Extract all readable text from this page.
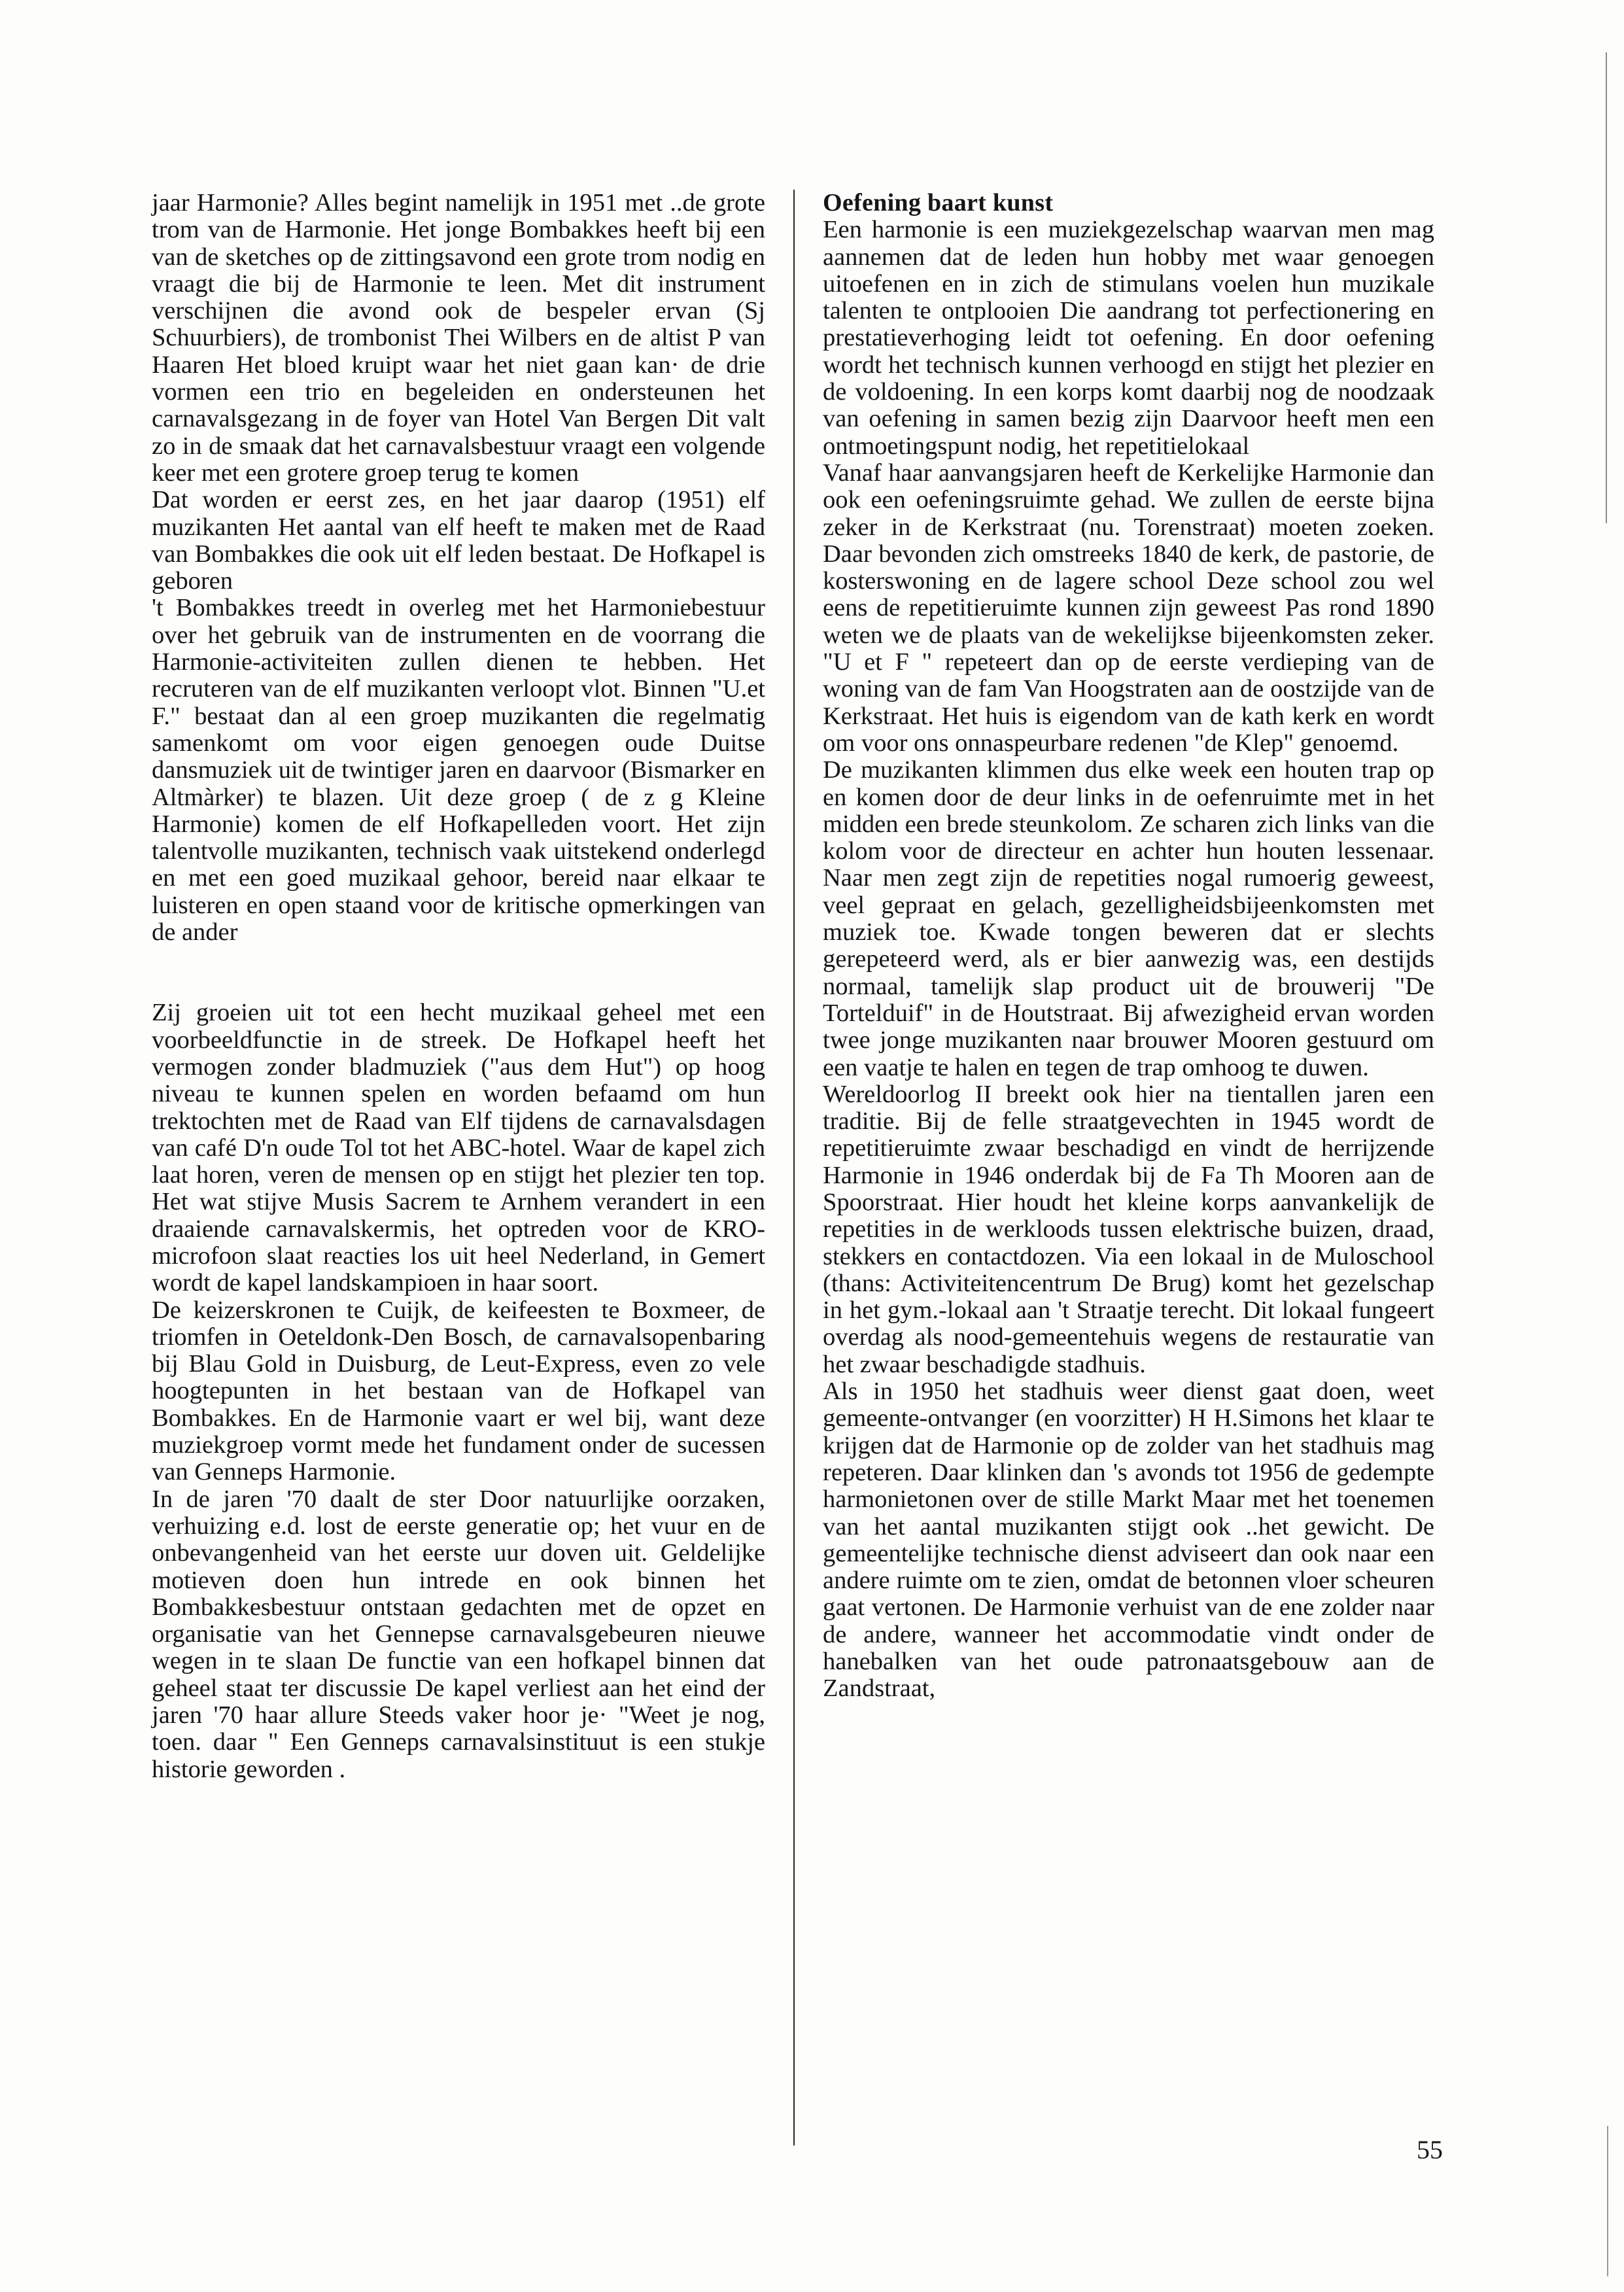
jaar Harmonie? Alles begint namelijk in 1951 met ..de grote trom van de Harmonie. Het jonge Bombakkes heeft bij een van de sketches op de zittingsavond een grote trom nodig en vraagt die bij de Harmonie te leen. Met dit instrument verschijnen die avond ook de bespeler ervan (Sj Schuurbiers), de trombonist Thei Wilbers en de altist P van Haaren Het bloed kruipt waar het niet gaan kan· de drie vormen een trio en begeleiden en ondersteunen het carnavalsgezang in de foyer van Hotel Van Bergen Dit valt zo in de smaak dat het carnavalsbestuur vraagt een volgende keer met een grotere groep terug te komen

Dat worden er eerst zes, en het jaar daarop (1951) elf muzikanten Het aantal van elf heeft te maken met de Raad van Bombakkes die ook uit elf leden bestaat. De Hofkapel is geboren

't Bombakkes treedt in overleg met het Harmoniebestuur over het gebruik van de instrumenten en de voorrang die Harmonie-activiteiten zullen dienen te hebben. Het recruteren van de elf muzikanten verloopt vlot. Binnen "U.et F." bestaat dan al een groep muzikanten die regelmatig samenkomt om voor eigen genoegen oude Duitse dansmuziek uit de twintiger jaren en daarvoor (Bismarker en Altmàrker) te blazen. Uit deze groep ( de z g Kleine Harmonie) komen de elf Hofkapelleden voort. Het zijn talentvolle muzikanten, technisch vaak uitstekend onderlegd en met een goed muzikaal gehoor, bereid naar elkaar te luisteren en open staand voor de kritische opmerkingen van de ander

Zij groeien uit tot een hecht muzikaal geheel met een voorbeeldfunctie in de streek. De Hofkapel heeft het vermogen zonder bladmuziek ("aus dem Hut") op hoog niveau te kunnen spelen en worden befaamd om hun trektochten met de Raad van Elf tijdens de carnavalsdagen van café D'n oude Tol tot het ABC-hotel. Waar de kapel zich laat horen, veren de mensen op en stijgt het plezier ten top. Het wat stijve Musis Sacrem te Arnhem verandert in een draaiende carnavalskermis, het optreden voor de KRO-microfoon slaat reacties los uit heel Nederland, in Gemert wordt de kapel landskampioen in haar soort.

De keizerskronen te Cuijk, de keifeesten te Boxmeer, de triomfen in Oeteldonk-Den Bosch, de carnavalsopenbaring bij Blau Gold in Duisburg, de Leut-Express, even zo vele hoogtepunten in het bestaan van de Hofkapel van Bombakkes. En de Harmonie vaart er wel bij, want deze muziekgroep vormt mede het fundament onder de sucessen van Genneps Harmonie.

In de jaren '70 daalt de ster Door natuurlijke oorzaken, verhuizing e.d. lost de eerste generatie op; het vuur en de onbevangenheid van het eerste uur doven uit. Geldelijke motieven doen hun intrede en ook binnen het Bombakkesbestuur ontstaan gedachten met de opzet en organisatie van het Gennepse carnavalsgebeuren nieuwe wegen in te slaan De functie van een hofkapel binnen dat geheel staat ter discussie De kapel verliest aan het eind der jaren '70 haar allure Steeds vaker hoor je· "Weet je nog, toen. daar " Een Genneps carnavalsinstituut is een stukje historie geworden .

Oefening baart kunst

Een harmonie is een muziekgezelschap waarvan men mag aannemen dat de leden hun hobby met waar genoegen uitoefenen en in zich de stimulans voelen hun muzikale talenten te ontplooien Die aandrang tot perfectionering en prestatieverhoging leidt tot oefening. En door oefening wordt het technisch kunnen verhoogd en stijgt het plezier en de voldoening. In een korps komt daarbij nog de noodzaak van oefening in samen bezig zijn Daarvoor heeft men een ontmoetingspunt nodig, het repetitielokaal

Vanaf haar aanvangsjaren heeft de Kerkelijke Harmonie dan ook een oefeningsruimte gehad. We zullen de eerste bijna zeker in de Kerkstraat (nu. Torenstraat) moeten zoeken. Daar bevonden zich omstreeks 1840 de kerk, de pastorie, de kosterswoning en de lagere school Deze school zou wel eens de repetitieruimte kunnen zijn geweest Pas rond 1890 weten we de plaats van de wekelijkse bijeenkomsten zeker. "U et F " repeteert dan op de eerste verdieping van de woning van de fam Van Hoogstraten aan de oostzijde van de Kerkstraat. Het huis is eigendom van de kath kerk en wordt om voor ons onnaspeurbare redenen "de Klep" genoemd.

De muzikanten klimmen dus elke week een houten trap op en komen door de deur links in de oefenruimte met in het midden een brede steunkolom. Ze scharen zich links van die kolom voor de directeur en achter hun houten lessenaar. Naar men zegt zijn de repetities nogal rumoerig geweest, veel gepraat en gelach, gezelligheidsbijeenkomsten met muziek toe. Kwade tongen beweren dat er slechts gerepeteerd werd, als er bier aanwezig was, een destijds normaal, tamelijk slap product uit de brouwerij "De Tortelduif" in de Houtstraat. Bij afwezigheid ervan worden twee jonge muzikanten naar brouwer Mooren gestuurd om een vaatje te halen en tegen de trap omhoog te duwen.

Wereldoorlog II breekt ook hier na tientallen jaren een traditie. Bij de felle straatgevechten in 1945 wordt de repetitieruimte zwaar beschadigd en vindt de herrijzende Harmonie in 1946 onderdak bij de Fa Th Mooren aan de Spoorstraat. Hier houdt het kleine korps aanvankelijk de repetities in de werkloods tussen elektrische buizen, draad, stekkers en contactdozen. Via een lokaal in de Muloschool (thans: Activiteitencentrum De Brug) komt het gezelschap in het gym.-lokaal aan 't Straatje terecht. Dit lokaal fungeert overdag als nood-gemeentehuis wegens de restauratie van het zwaar beschadigde stadhuis.

Als in 1950 het stadhuis weer dienst gaat doen, weet gemeente-ontvanger (en voorzitter) H H.Simons het klaar te krijgen dat de Harmonie op de zolder van het stadhuis mag repeteren. Daar klinken dan 's avonds tot 1956 de gedempte harmonietonen over de stille Markt Maar met het toenemen van het aantal muzikanten stijgt ook ..het gewicht. De gemeentelijke technische dienst adviseert dan ook naar een andere ruimte om te zien, omdat de betonnen vloer scheuren gaat vertonen. De Harmonie verhuist van de ene zolder naar de andere, wanneer het accommodatie vindt onder de hanebalken van het oude patronaatsgebouw aan de Zandstraat,

55
